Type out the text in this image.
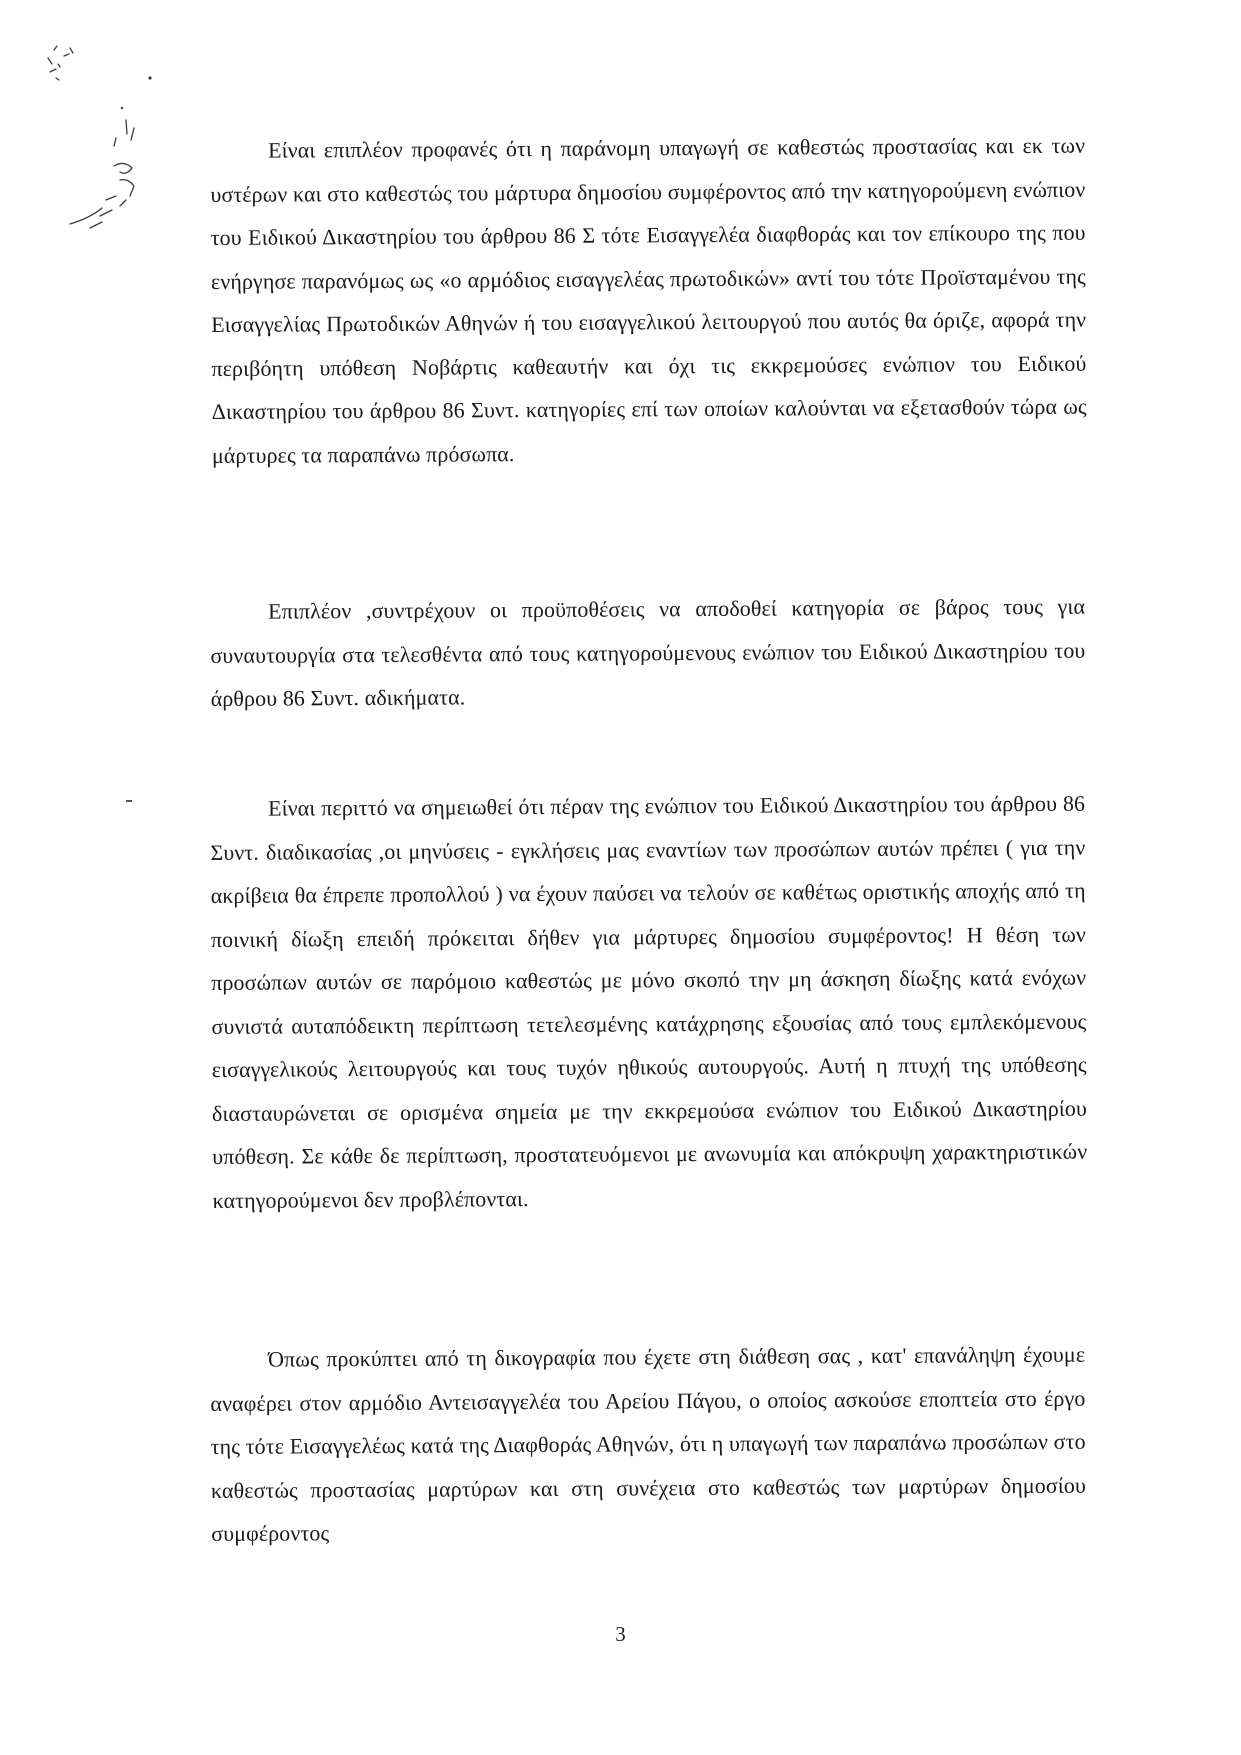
Είναι επιπλέον προφανές ότι η παράνομη υπαγωγή σε καθεστώς προστασίας και εκ των υστέρων και στο καθεστώς του μάρτυρα δημοσίου συμφέροντος από την κατηγορούμενη ενώπιον του Ειδικού Δικαστηρίου του άρθρου 86 Σ τότε Εισαγγελέα διαφθοράς και τον επίκουρο της που ενήργησε παρανόμως ως «ο αρμόδιος εισαγγελέας πρωτοδικών» αντί του τότε Προϊσταμένου της Εισαγγελίας Πρωτοδικών Αθηνών ή του εισαγγελικού λειτουργού που αυτός θα όριζε, αφορά την περιβόητη υπόθεση Νοβάρτις καθεαυτήν και όχι τις εκκρεμούσες ενώπιον του Ειδικού Δικαστηρίου του άρθρου 86 Συντ. κατηγορίες επί των οποίων καλούνται να εξετασθούν τώρα ως μάρτυρες τα παραπάνω πρόσωπα.

Επιπλέον ,συντρέχουν οι προϋποθέσεις να αποδοθεί κατηγορία σε βάρος τους για συναυτουργία στα τελεσθέντα από τους κατηγορούμενους ενώπιον του Ειδικού Δικαστηρίου του άρθρου 86 Συντ. αδικήματα.

Είναι περιττό να σημειωθεί ότι πέραν της ενώπιον του Ειδικού Δικαστηρίου του άρθρου 86 Συντ. διαδικασίας ,οι μηνύσεις - εγκλήσεις μας εναντίων των προσώπων αυτών πρέπει ( για την ακρίβεια θα έπρεπε προπολλού ) να έχουν παύσει να τελούν σε καθέτως οριστικής αποχής από τη ποινική δίωξη επειδή πρόκειται δήθεν για μάρτυρες δημοσίου συμφέροντος! Η θέση των προσώπων αυτών σε παρόμοιο καθεστώς με μόνο σκοπό την μη άσκηση δίωξης κατά ενόχων συνιστά αυταπόδεικτη περίπτωση τετελεσμένης κατάχρησης εξουσίας από τους εμπλεκόμενους εισαγγελικούς λειτουργούς και τους τυχόν ηθικούς αυτουργούς. Αυτή η πτυχή της υπόθεσης διασταυρώνεται σε ορισμένα σημεία με την εκκρεμούσα ενώπιον του Ειδικού Δικαστηρίου υπόθεση. Σε κάθε δε περίπτωση, προστατευόμενοι με ανωνυμία και απόκρυψη χαρακτηριστικών κατηγορούμενοι δεν προβλέπονται.

Όπως προκύπτει από τη δικογραφία που έχετε στη διάθεση σας , κατ' επανάληψη έχουμε αναφέρει στον αρμόδιο Αντεισαγγελέα του Αρείου Πάγου, ο οποίος ασκούσε εποπτεία στο έργο της τότε Εισαγγελέως κατά της Διαφθοράς Αθηνών, ότι η υπαγωγή των παραπάνω προσώπων στο καθεστώς προστασίας μαρτύρων και στη συνέχεια στο καθεστώς των μαρτύρων δημοσίου συμφέροντος

3
